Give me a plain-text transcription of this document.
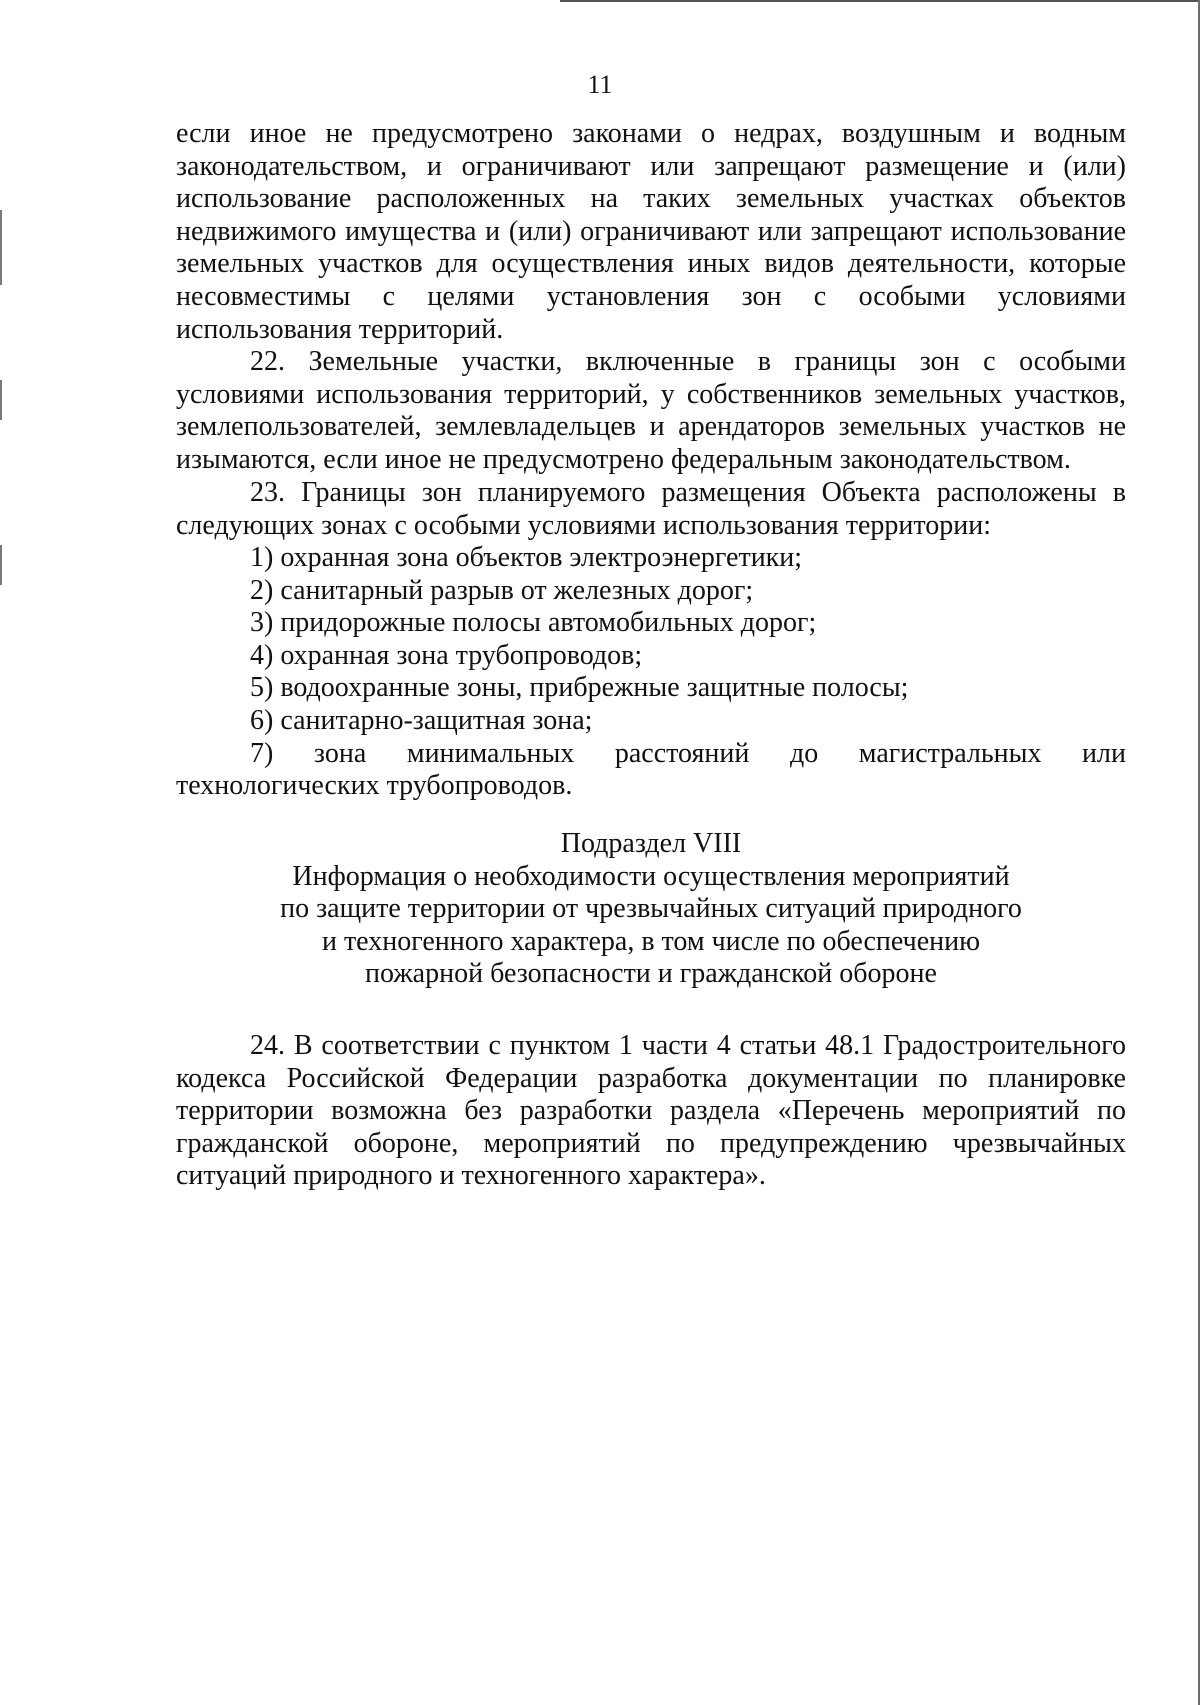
11

если иное не предусмотрено законами о недрах, воздушным и водным законодательством, и ограничивают или запрещают размещение и (или) использование расположенных на таких земельных участках объектов недвижимого имущества и (или) ограничивают или запрещают использование земельных участков для осуществления иных видов деятельности, которые несовместимы с целями установления зон с особыми условиями использования территорий.

22. Земельные участки, включенные в границы зон с особыми условиями использования территорий, у собственников земельных участков, землепользователей, землевладельцев и арендаторов земельных участков не изымаются, если иное не предусмотрено федеральным законодательством.

23. Границы зон планируемого размещения Объекта расположены в следующих зонах с особыми условиями использования территории:

1) охранная зона объектов электроэнергетики;

2) санитарный разрыв от железных дорог;

3) придорожные полосы автомобильных дорог;

4) охранная зона трубопроводов;

5) водоохранные зоны, прибрежные защитные полосы;

6) санитарно-защитная зона;

7) зона минимальных расстояний до магистральных или технологических трубопроводов.

Подраздел VIII
Информация о необходимости осуществления мероприятий
по защите территории от чрезвычайных ситуаций природного
и техногенного характера, в том числе по обеспечению
пожарной безопасности и гражданской обороне

24. В соответствии с пунктом 1 части 4 статьи 48.1 Градостроительного кодекса Российской Федерации разработка документации по планировке территории возможна без разработки раздела «Перечень мероприятий по гражданской обороне, мероприятий по предупреждению чрезвычайных ситуаций природного и техногенного характера».
